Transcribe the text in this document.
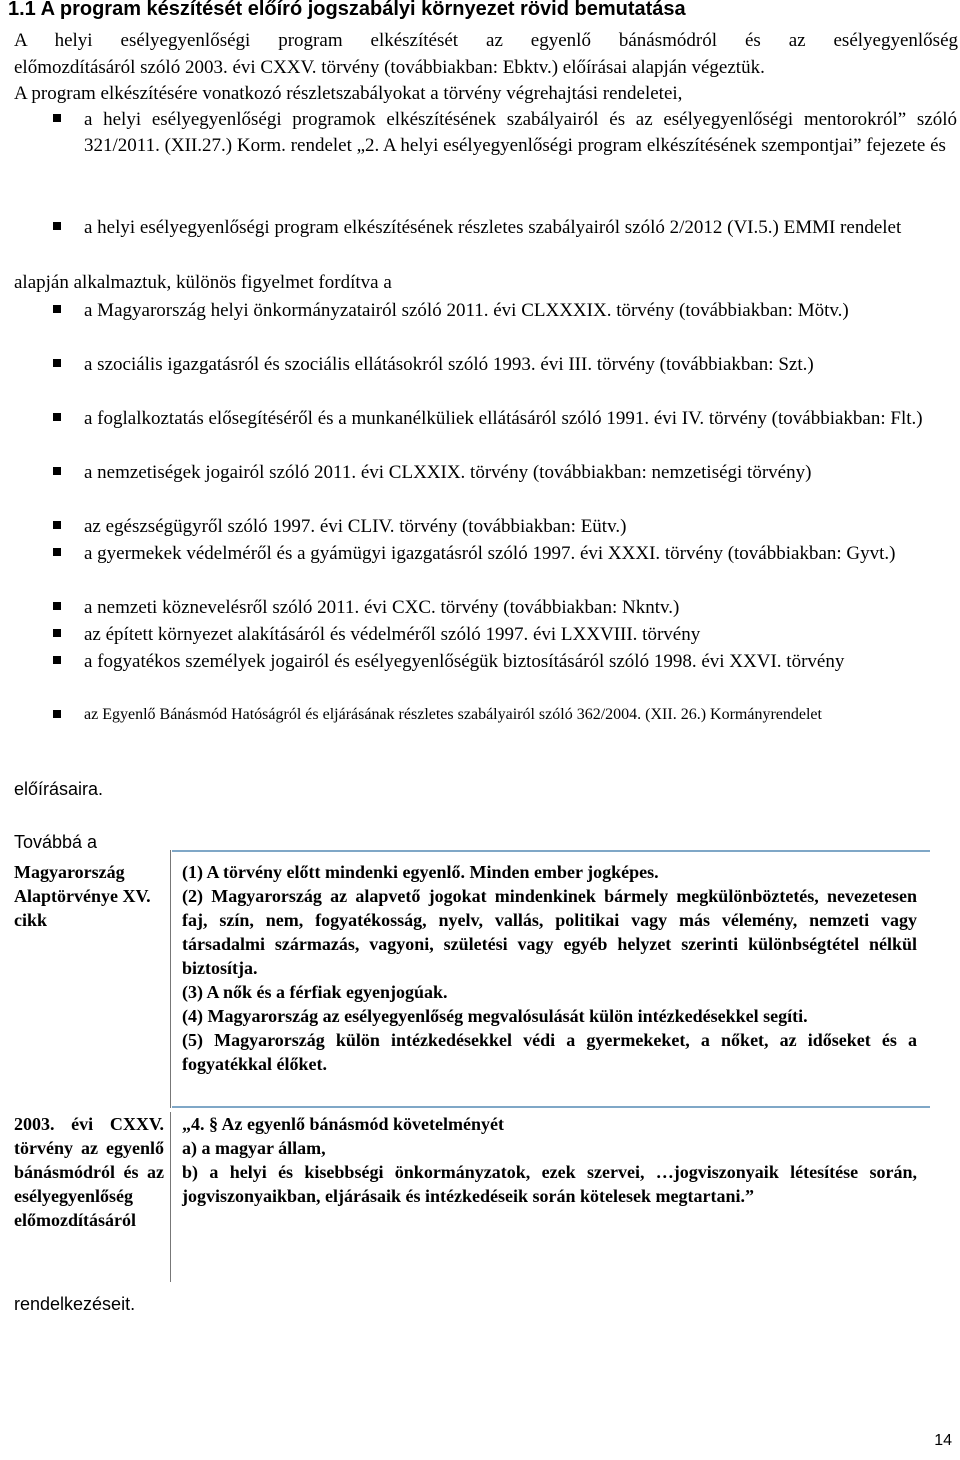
1.1 A program készítését előíró jogszabályi környezet rövid bemutatása

A helyi esélyegyenlőségi program elkészítését az egyenlő bánásmódról és az esélyegyenlőség

előmozdításáról szóló 2003. évi CXXV. törvény (továbbiakban: Ebktv.) előírásai alapján végeztük.

A program elkészítésére vonatkozó részletszabályokat a törvény végrehajtási rendeletei,

a helyi esélyegyenlőségi programok elkészítésének szabályairól és az esélyegyenlőségi mentorokról” szóló 321/2011. (XII.27.) Korm. rendelet „2. A helyi esélyegyenlőségi program elkészítésének szempontjai” fejezete és

a helyi esélyegyenlőségi program elkészítésének részletes szabályairól szóló 2/2012 (VI.5.) EMMI rendelet

alapján alkalmaztuk, különös figyelmet fordítva a

a Magyarország helyi önkormányzatairól szóló 2011. évi CLXXXIX. törvény (továbbiakban: Mötv.)

a szociális igazgatásról és szociális ellátásokról szóló 1993. évi III. törvény (továbbiakban: Szt.)

a foglalkoztatás elősegítéséről és a munkanélküliek ellátásáról szóló 1991. évi IV. törvény (továbbiakban: Flt.)

a nemzetiségek jogairól szóló 2011. évi CLXXIX. törvény (továbbiakban: nemzetiségi törvény)

az egészségügyről szóló 1997. évi CLIV. törvény (továbbiakban: Eütv.)

a gyermekek védelméről és a gyámügyi igazgatásról szóló 1997. évi XXXI. törvény (továbbiakban: Gyvt.)

a nemzeti köznevelésről szóló 2011. évi CXC. törvény (továbbiakban: Nkntv.)

az épített környezet alakításáról és védelméről szóló 1997. évi LXXVIII. törvény

a fogyatékos személyek jogairól és esélyegyenlőségük biztosításáról szóló 1998. évi XXVI. törvény

az Egyenlő Bánásmód Hatóságról és eljárásának részletes szabályairól szóló 362/2004. (XII. 26.) Kormányrendelet

előírásaira.

Továbbá a

Magyarország Alaptörvénye XV. cikk

(1) A törvény előtt mindenki egyenlő. Minden ember jogképes.
(2) Magyarország az alapvető jogokat mindenkinek bármely megkülönböztetés, nevezetesen faj, szín, nem, fogyatékosság, nyelv, vallás, politikai vagy más vélemény, nemzeti vagy társadalmi származás, vagyoni, születési vagy egyéb helyzet szerinti különbségtétel nélkül biztosítja.
(3) A nők és a férfiak egyenjogúak.
(4) Magyarország az esélyegyenlőség megvalósulását külön intézkedésekkel segíti.
(5) Magyarország külön intézkedésekkel védi a gyermekeket, a nőket, az időseket és a fogyatékkal élőket.

2003. évi CXXV. törvény az egyenlő bánásmódról és az esélyegyenlőség előmozdításáról

„4. § Az egyenlő bánásmód követelményét
a) a magyar állam,
b) a helyi és kisebbségi önkormányzatok, ezek szervei, …jogviszonyaik létesítése során, jogviszonyaikban, eljárásaik és intézkedéseik során kötelesek megtartani.”

rendelkezéseit.

14
